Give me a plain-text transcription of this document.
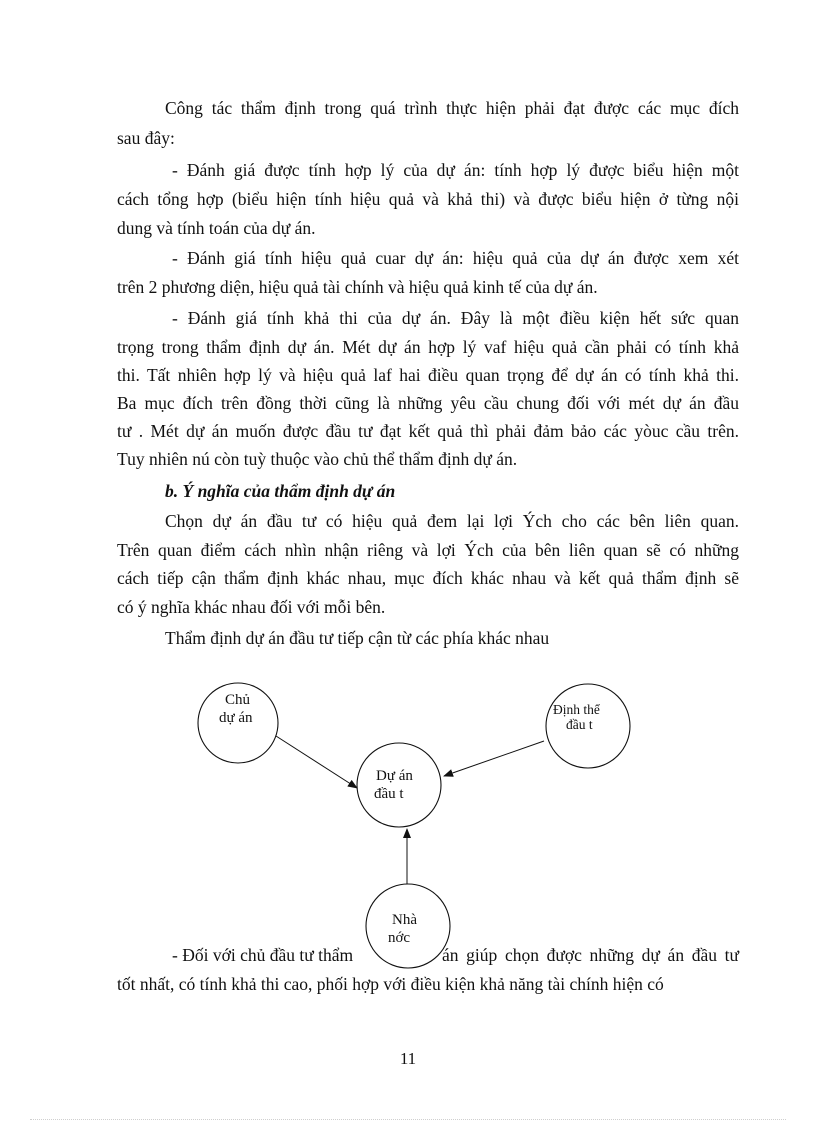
Công tác thẩm định trong quá trình thực hiện phải đạt được các mục đích
sau đây:
- Đánh giá được tính hợp lý của dự án: tính hợp lý được biểu hiện một
cách tổng hợp (biểu hiện tính hiệu quả và khả thi) và được biểu hiện ở từng nội
dung và tính toán của dự án.
- Đánh giá tính hiệu quả cuar dự án: hiệu quả của dự án được xem xét
trên 2 phương diện, hiệu quả tài chính và hiệu quả kinh tế của dự án.
- Đánh giá tính khả thi của dự án. Đây là một điều kiện hết sức quan
trọng trong thẩm định dự án. Mét dự án hợp lý vaf hiệu quả cần phải có tính khả
thi. Tất nhiên hợp lý và hiệu quả laf hai điều quan trọng để dự án có tính khả thi.
Ba mục đích trên đồng thời cũng là những yêu cầu chung đối với mét dự án đầu
tư . Mét dự án muốn được đầu tư đạt kết quả thì phải đảm bảo các yòuc cầu trên.
Tuy nhiên nú còn tuỳ thuộc vào chủ thể thẩm định dự án.
b. Ý nghĩa của thẩm định dự án
Chọn dự án đầu tư có hiệu quả đem lại lợi Ých cho các bên liên quan.
Trên quan điểm cách nhìn nhận riêng và lợi Ých của bên liên quan sẽ có những
cách tiếp cận thẩm định khác nhau, mục đích khác nhau và kết quả thẩm định sẽ
có ý nghĩa khác nhau đối với mỗi bên.
Thẩm định dự án đầu tư tiếp cận từ các phía khác nhau
Chủ
dự án
Định thể
đầu t
Dự án
đầu t
Nhà
nớc
- Đối với chủ đầu tư thẩm	án giúp chọn được những dự án đầu tư
tốt nhất, có tính khả thi cao, phối hợp với điều kiện khả năng tài chính hiện có
11
